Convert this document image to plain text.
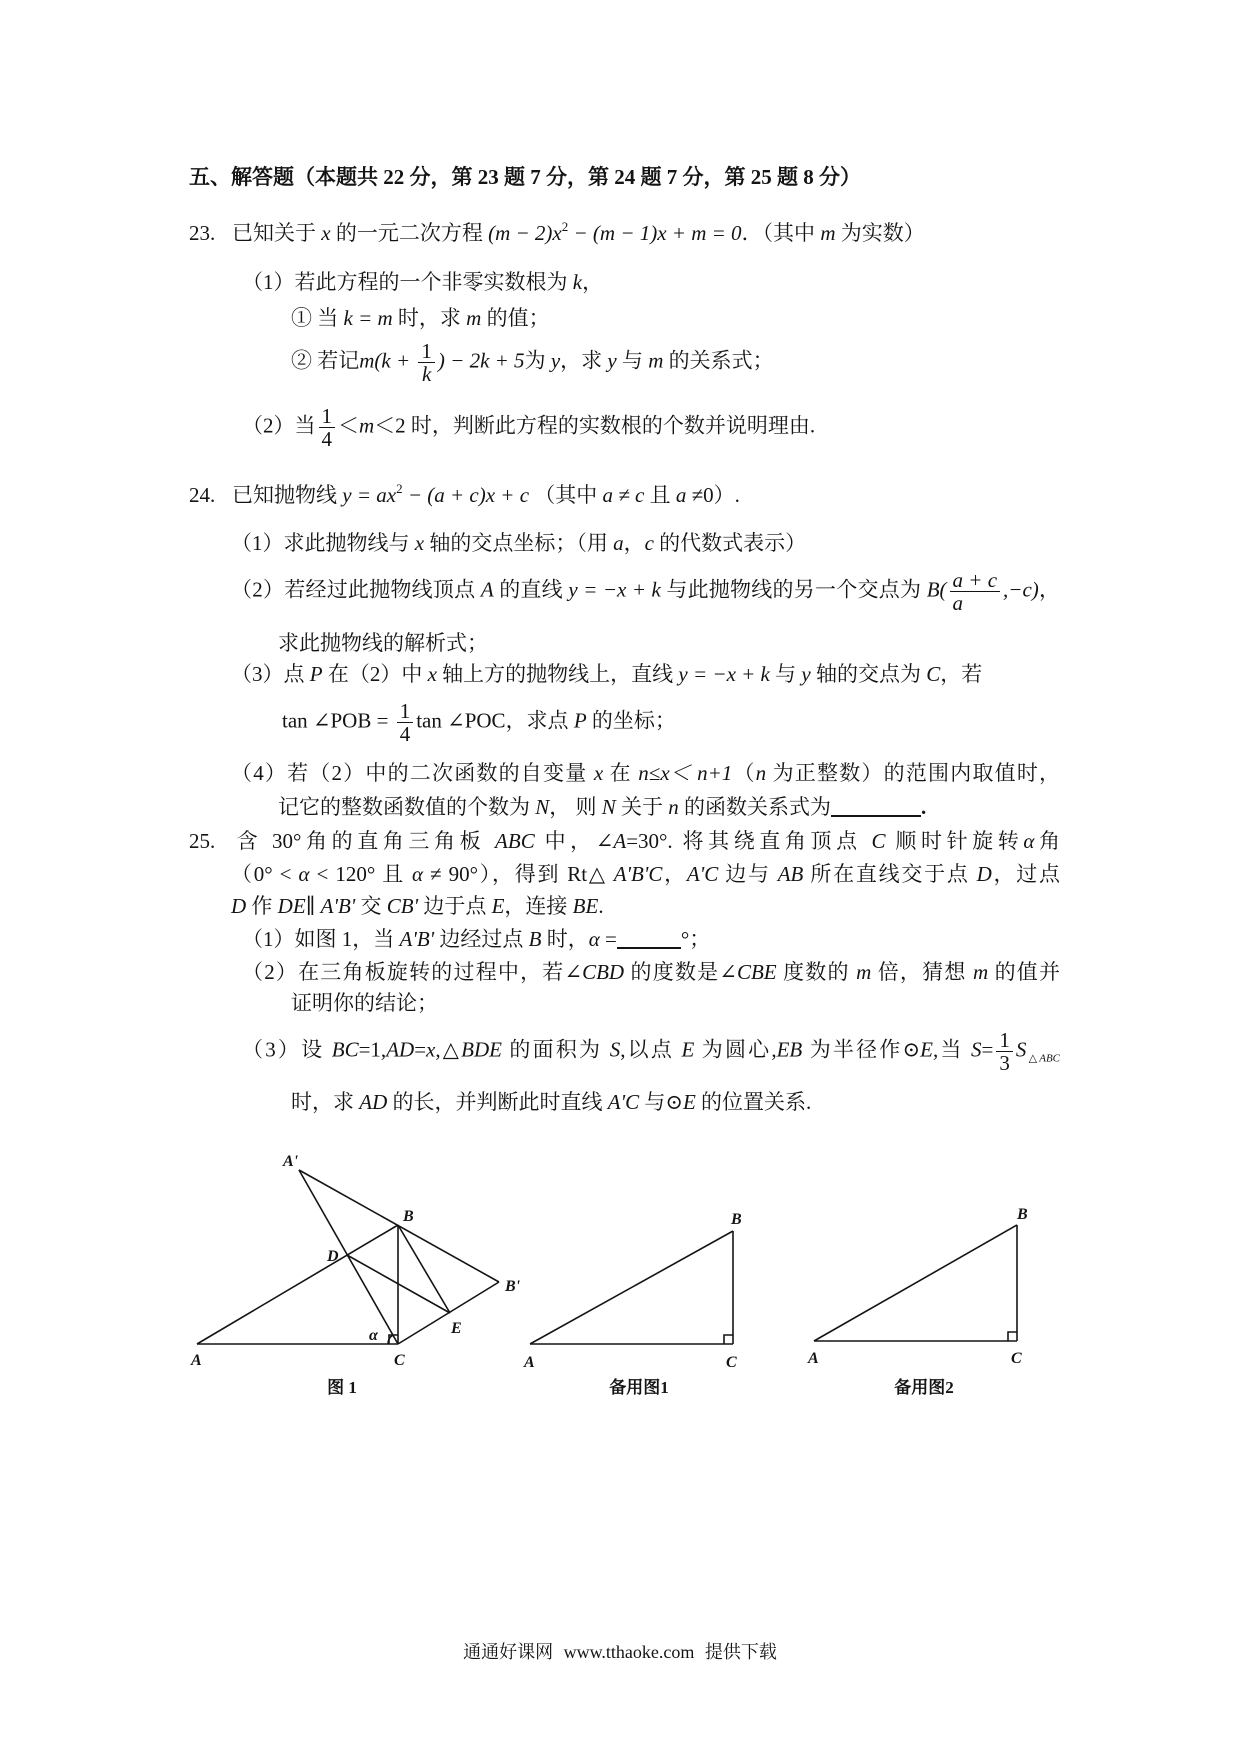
五、解答题（本题共 22 分，第 23 题 7 分，第 24 题 7 分，第 25 题 8 分）
23. 已知关于 x 的一元二次方程 $(m - 2)x^2 - (m - 1)x + m = 0$．（其中 m 为实数）
（1）若此方程的一个非零实数根为 k，
① 当 k = m 时，求 m 的值；
② 若记$m(k + \frac{1}{k}$ ) − 2k + 5为 y，求 y 与 m 的关系式；
（2）当 $\frac{1}{4} <m<2$ 时，判断此方程的实数根的个数并说明理由.
24. 已知抛物线 $y = ax^2 - (a + c)x + c$ （其中 a ≠ c 且 a ≠0）.
（1）求此抛物线与 x 轴的交点坐标；（用 a，c 的代数式表示）
（2）若经过此抛物线顶点 A 的直线 y = −x + k 与此抛物线的另一个交点为 $B( \frac{a + c}{a} ,-c)$，
求此抛物线的解析式；
（3）点 P 在（2）中 x 轴上方的抛物线上，直线 y = −x + k 与 y 轴的交点为 C，若
tan ∠POB = $\frac{1}{4}$ tan ∠POC，求点 P 的坐标；
（4）若（2）中的二次函数的自变量 x 在 n≤x＜ n+1（n 为正整数）的范围内取值时，
记它的整数函数值的个数为 N， 则 N 关于 n 的函数关系式为	.
25. 含 30°角的直角三角板 ABC 中，∠A=30°. 将其绕直角顶点 C 顺时针旋转α角
（0° < α < 120° 且 α ≠ 90°），得到 Rt△ A'B'C，A'C 边与 AB 所在直线交于点 D，过点
D 作 DE∥ A'B' 交 CB' 边于点 E，连接 BE.
（1）如图 1，当 A'B' 边经过点 B 时，α =	°；
（2）在三角板旋转的过程中，若∠CBD 的度数是∠CBE 度数的 m 倍，猜想 m 的值并
证明你的结论；
（3）设 BC=1,AD=x,△BDE 的面积为 S,以点 E 为圆心,EB 为半径作⊙E,当 $S= \frac{1}{3} S_{\triangle ABC}$
时，求 AD 的长，并判断此时直线 A'C 与⊙E 的位置关系.
A'
B
D
B'
E
α
A	C
图 1
B
A	C
备用图1
B
A	C
备用图2
通通好课网 www.tthaoke.com 提供下载
